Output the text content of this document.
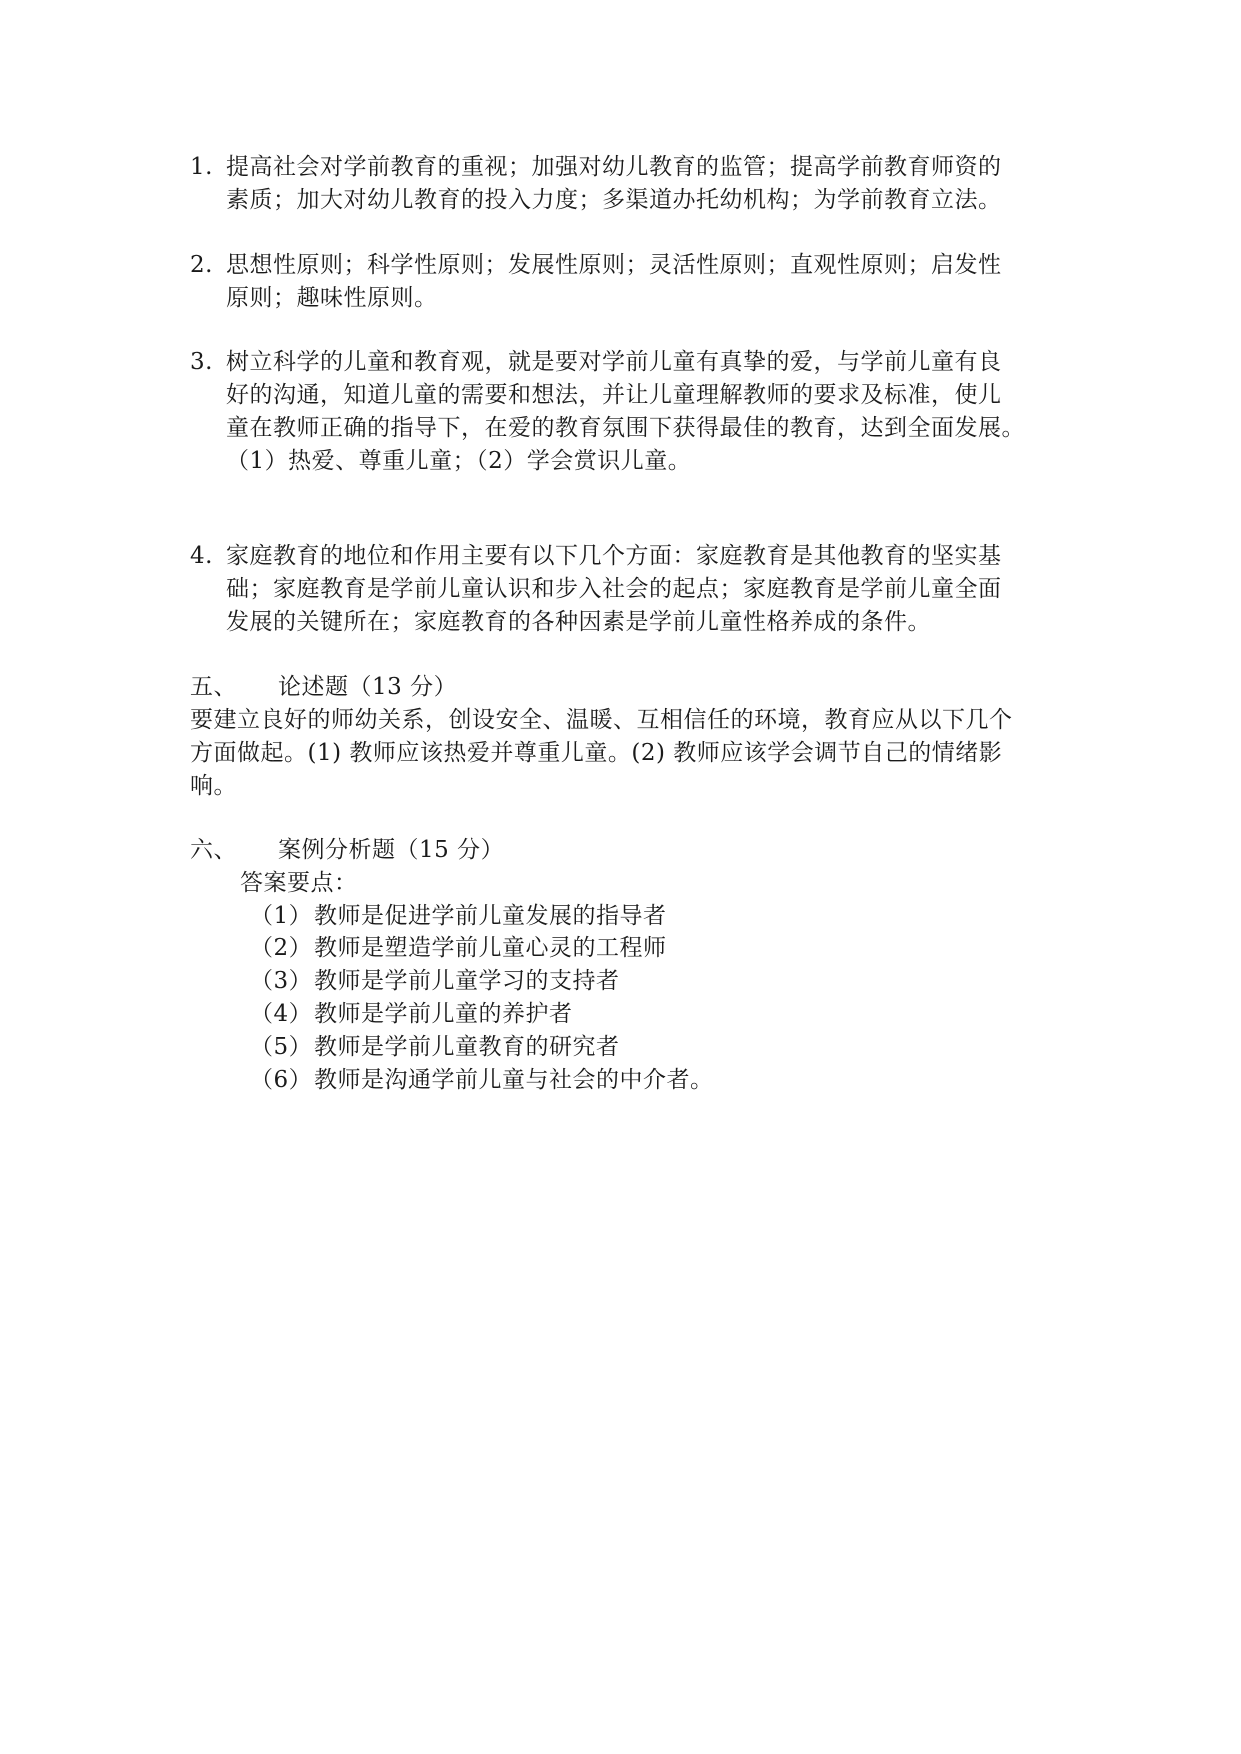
1. 提高社会对学前教育的重视；加强对幼儿教育的监管；提高学前教育师资的
素质；加大对幼儿教育的投入力度；多渠道办托幼机构；为学前教育立法。
2. 思想性原则；科学性原则；发展性原则；灵活性原则；直观性原则；启发性
原则；趣味性原则。
3. 树立科学的儿童和教育观，就是要对学前儿童有真挚的爱，与学前儿童有良
好的沟通，知道儿童的需要和想法，并让儿童理解教师的要求及标准，使儿
童在教师正确的指导下，在爱的教育氛围下获得最佳的教育，达到全面发展。
（1）热爱、尊重儿童；（2）学会赏识儿童。
4. 家庭教育的地位和作用主要有以下几个方面：家庭教育是其他教育的坚实基
础；家庭教育是学前儿童认识和步入社会的起点；家庭教育是学前儿童全面
发展的关键所在；家庭教育的各种因素是学前儿童性格养成的条件。
五、 论述题（13 分）
要建立良好的师幼关系，创设安全、温暖、互相信任的环境，教育应从以下几个
方面做起。(1) 教师应该热爱并尊重儿童。(2) 教师应该学会调节自己的情绪影
响。
六、 案例分析题（15 分）
答案要点：
（1）教师是促进学前儿童发展的指导者
（2）教师是塑造学前儿童心灵的工程师
（3）教师是学前儿童学习的支持者
（4）教师是学前儿童的养护者
（5）教师是学前儿童教育的研究者
（6）教师是沟通学前儿童与社会的中介者。
